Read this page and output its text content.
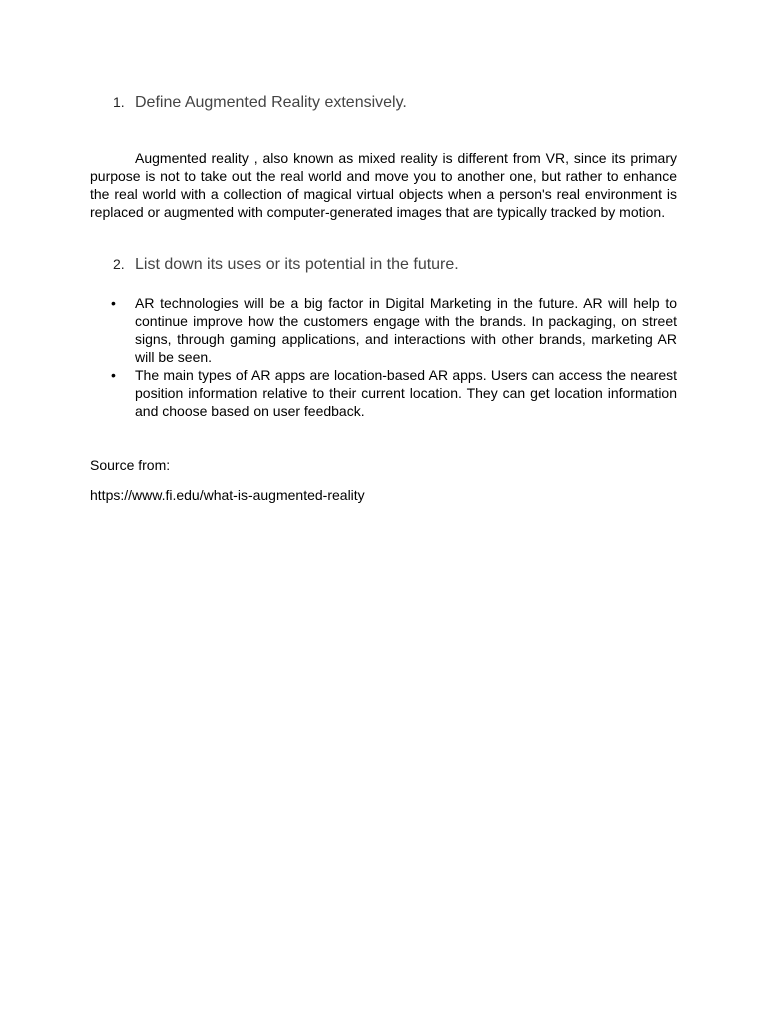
1. Define Augmented Reality extensively.

Augmented reality , also known as mixed reality is different from VR, since its primary purpose is not to take out the real world and move you to another one, but rather to enhance the real world with a collection of magical virtual objects when a person's real environment is replaced or augmented with computer-generated images that are typically tracked by motion.

2. List down its uses or its potential in the future.
• AR technologies will be a big factor in Digital Marketing in the future. AR will help to continue improve how the customers engage with the brands. In packaging, on street signs, through gaming applications, and interactions with other brands, marketing AR will be seen.
• The main types of AR apps are location-based AR apps. Users can access the nearest position information relative to their current location. They can get location information and choose based on user feedback.
Source from:
https://www.fi.edu/what-is-augmented-reality
